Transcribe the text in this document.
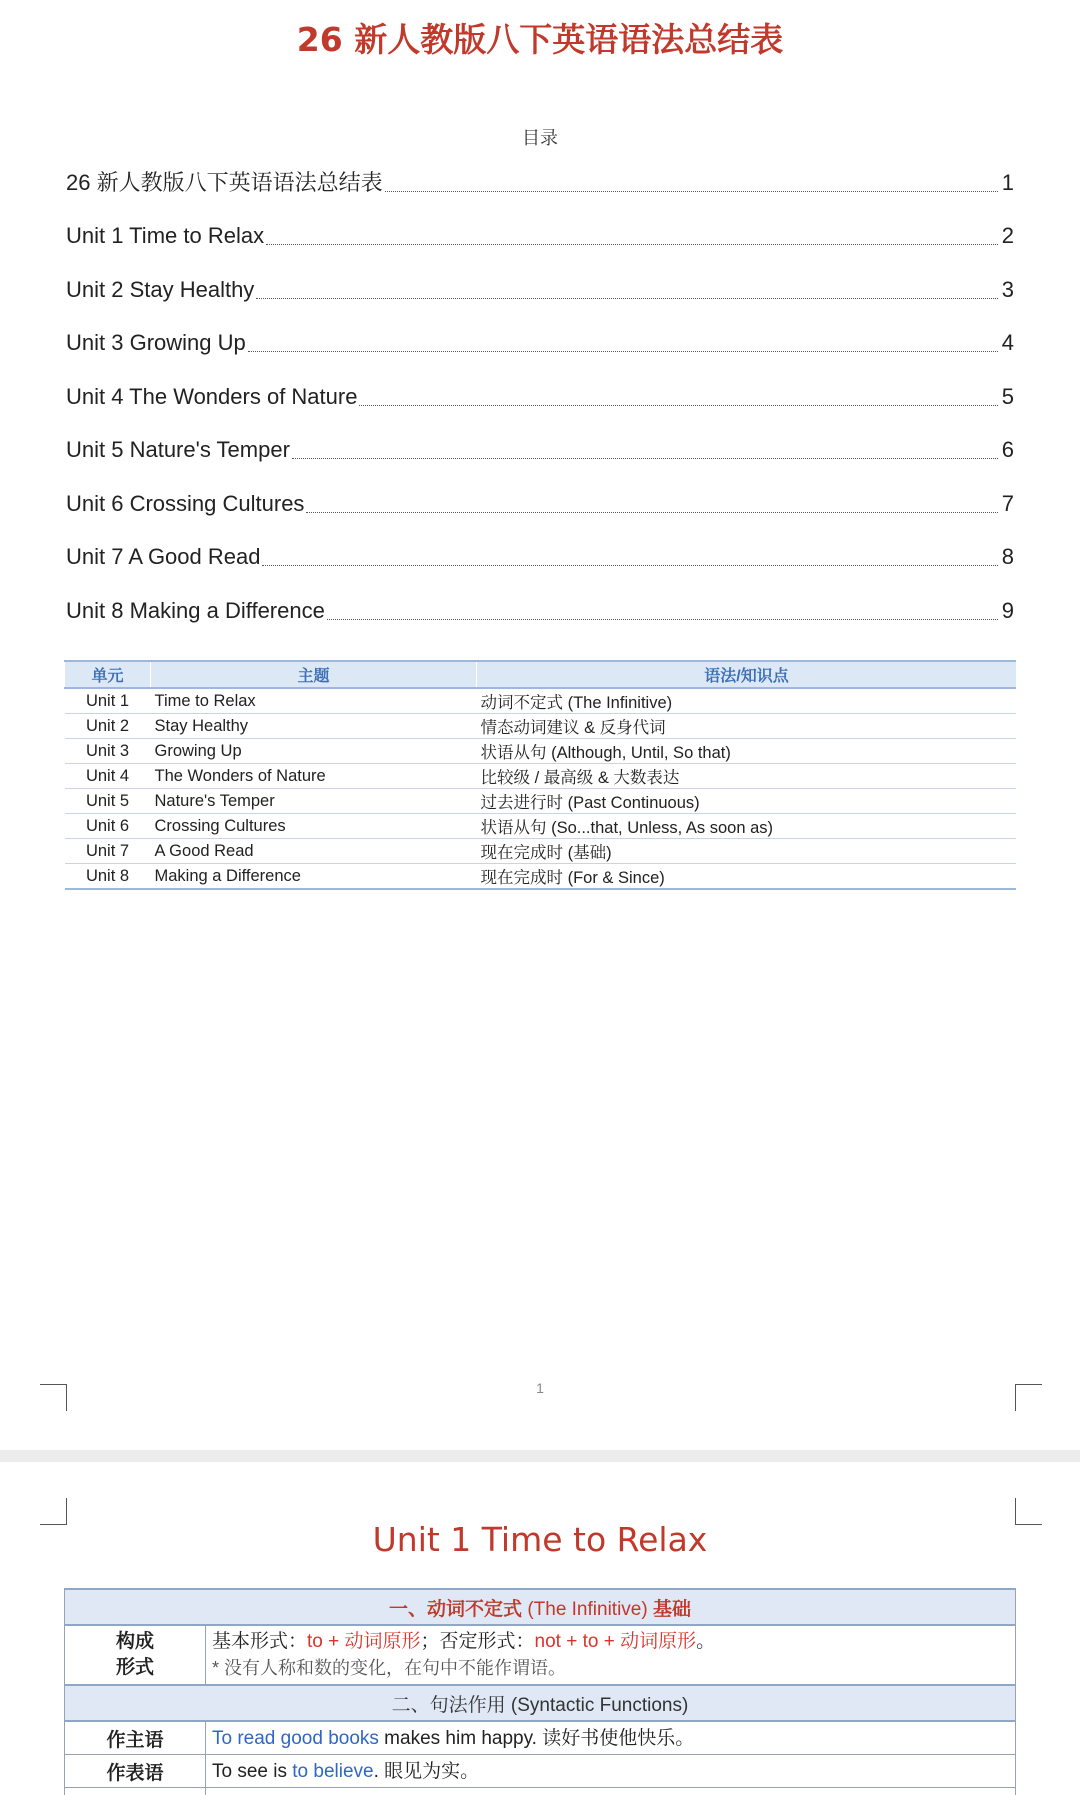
26 新人教版八下英语语法总结表
目录
26 新人教版八下英语语法总结表	1
Unit 1 Time to Relax	2
Unit 2 Stay Healthy	3
Unit 3 Growing Up	4
Unit 4 The Wonders of Nature	5
Unit 5 Nature's Temper	6
Unit 6 Crossing Cultures	7
Unit 7 A Good Read	8
Unit 8 Making a Difference	9
单元	主题	语法/知识点
Unit 1	Time to Relax	动词不定式 (The Infinitive)
Unit 2	Stay Healthy	情态动词建议 & 反身代词
Unit 3	Growing Up	状语从句 (Although, Until, So that)
Unit 4	The Wonders of Nature	比较级 / 最高级 & 大数表达
Unit 5	Nature's Temper	过去进行时 (Past Continuous)
Unit 6	Crossing Cultures	状语从句 (So...that, Unless, As soon as)
Unit 7	A Good Read	现在完成时 (基础)
Unit 8	Making a Difference	现在完成时 (For & Since)
1
Unit 1 Time to Relax
一、动词不定式 (The Infinitive) 基础	
构成形式	基本形式：to + 动词原形；否定形式：not + to + 动词原形。
* 没有人称和数的变化，在句中不能作谓语。
二、句法作用 (Syntactic Functions)	
作主语	To read good books makes him happy. 读好书使他快乐。
作表语	To see is to believe. 眼见为实。
